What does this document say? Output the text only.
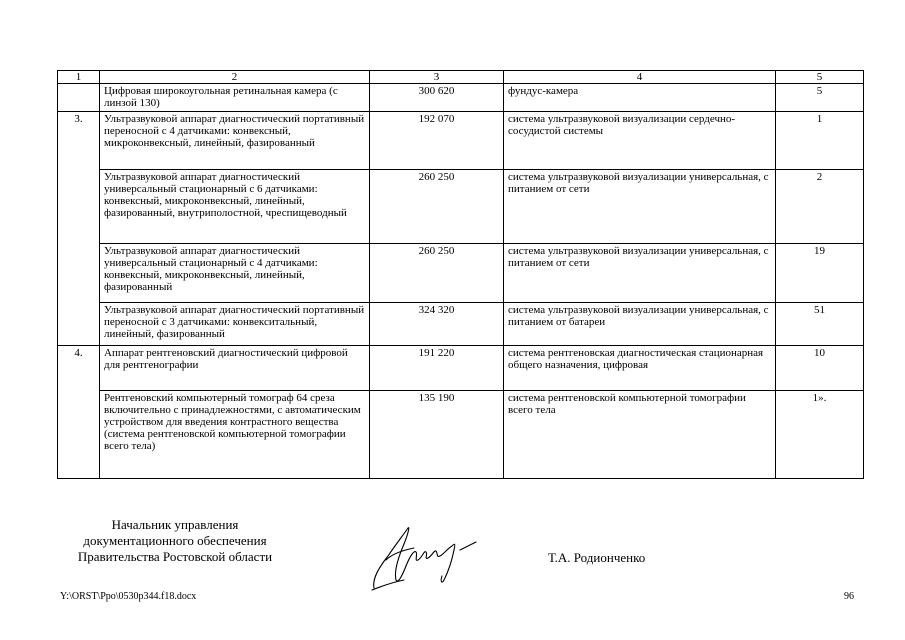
1	2	3	4	5
	Цифровая широкоугольная ретинальная камера (с линзой 130)	300 620	фундус-камера	5
3.	Ультразвуковой аппарат диагностический портативный переносной с 4 датчиками: конвексный, микроконвексный, линейный, фазированный	192 070	система ультразвуковой визуализации сердечно-сосудистой системы	1
	Ультразвуковой аппарат диагностический универсальный стационарный с 6 датчиками: конвексный, микроконвексный, линейный, фазированный, внутриполостной, чреспищеводный	260 250	система ультразвуковой визуализации универсальная, с питанием от сети	2
	Ультразвуковой аппарат диагностический универсальный стационарный с 4 датчиками: конвексный, микроконвексный, линейный, фазированный	260 250	система ультразвуковой визуализации универсальная, с питанием от сети	19
	Ультразвуковой аппарат диагностический портативный переносной с 3 датчиками: конвекситальный, линейный, фазированный	324 320	система ультразвуковой визуализации универсальная, с питанием от батареи	51
4.	Аппарат рентгеновский диагностический цифровой для рентгенографии	191 220	система рентгеновская диагностическая стационарная общего назначения, цифровая	10
	Рентгеновский компьютерный томограф 64 среза включительно с принадлежностями, с автоматическим устройством для введения контрастного вещества (система рентгеновской компьютерной томографии всего тела)	135 190	система рентгеновской компьютерной томографии всего тела	1».
Начальник управления
документационного обеспечения
Правительства Ростовской области	Т.А. Родионченко
Y:\ORST\Ppo\0530p344.f18.docx	96
